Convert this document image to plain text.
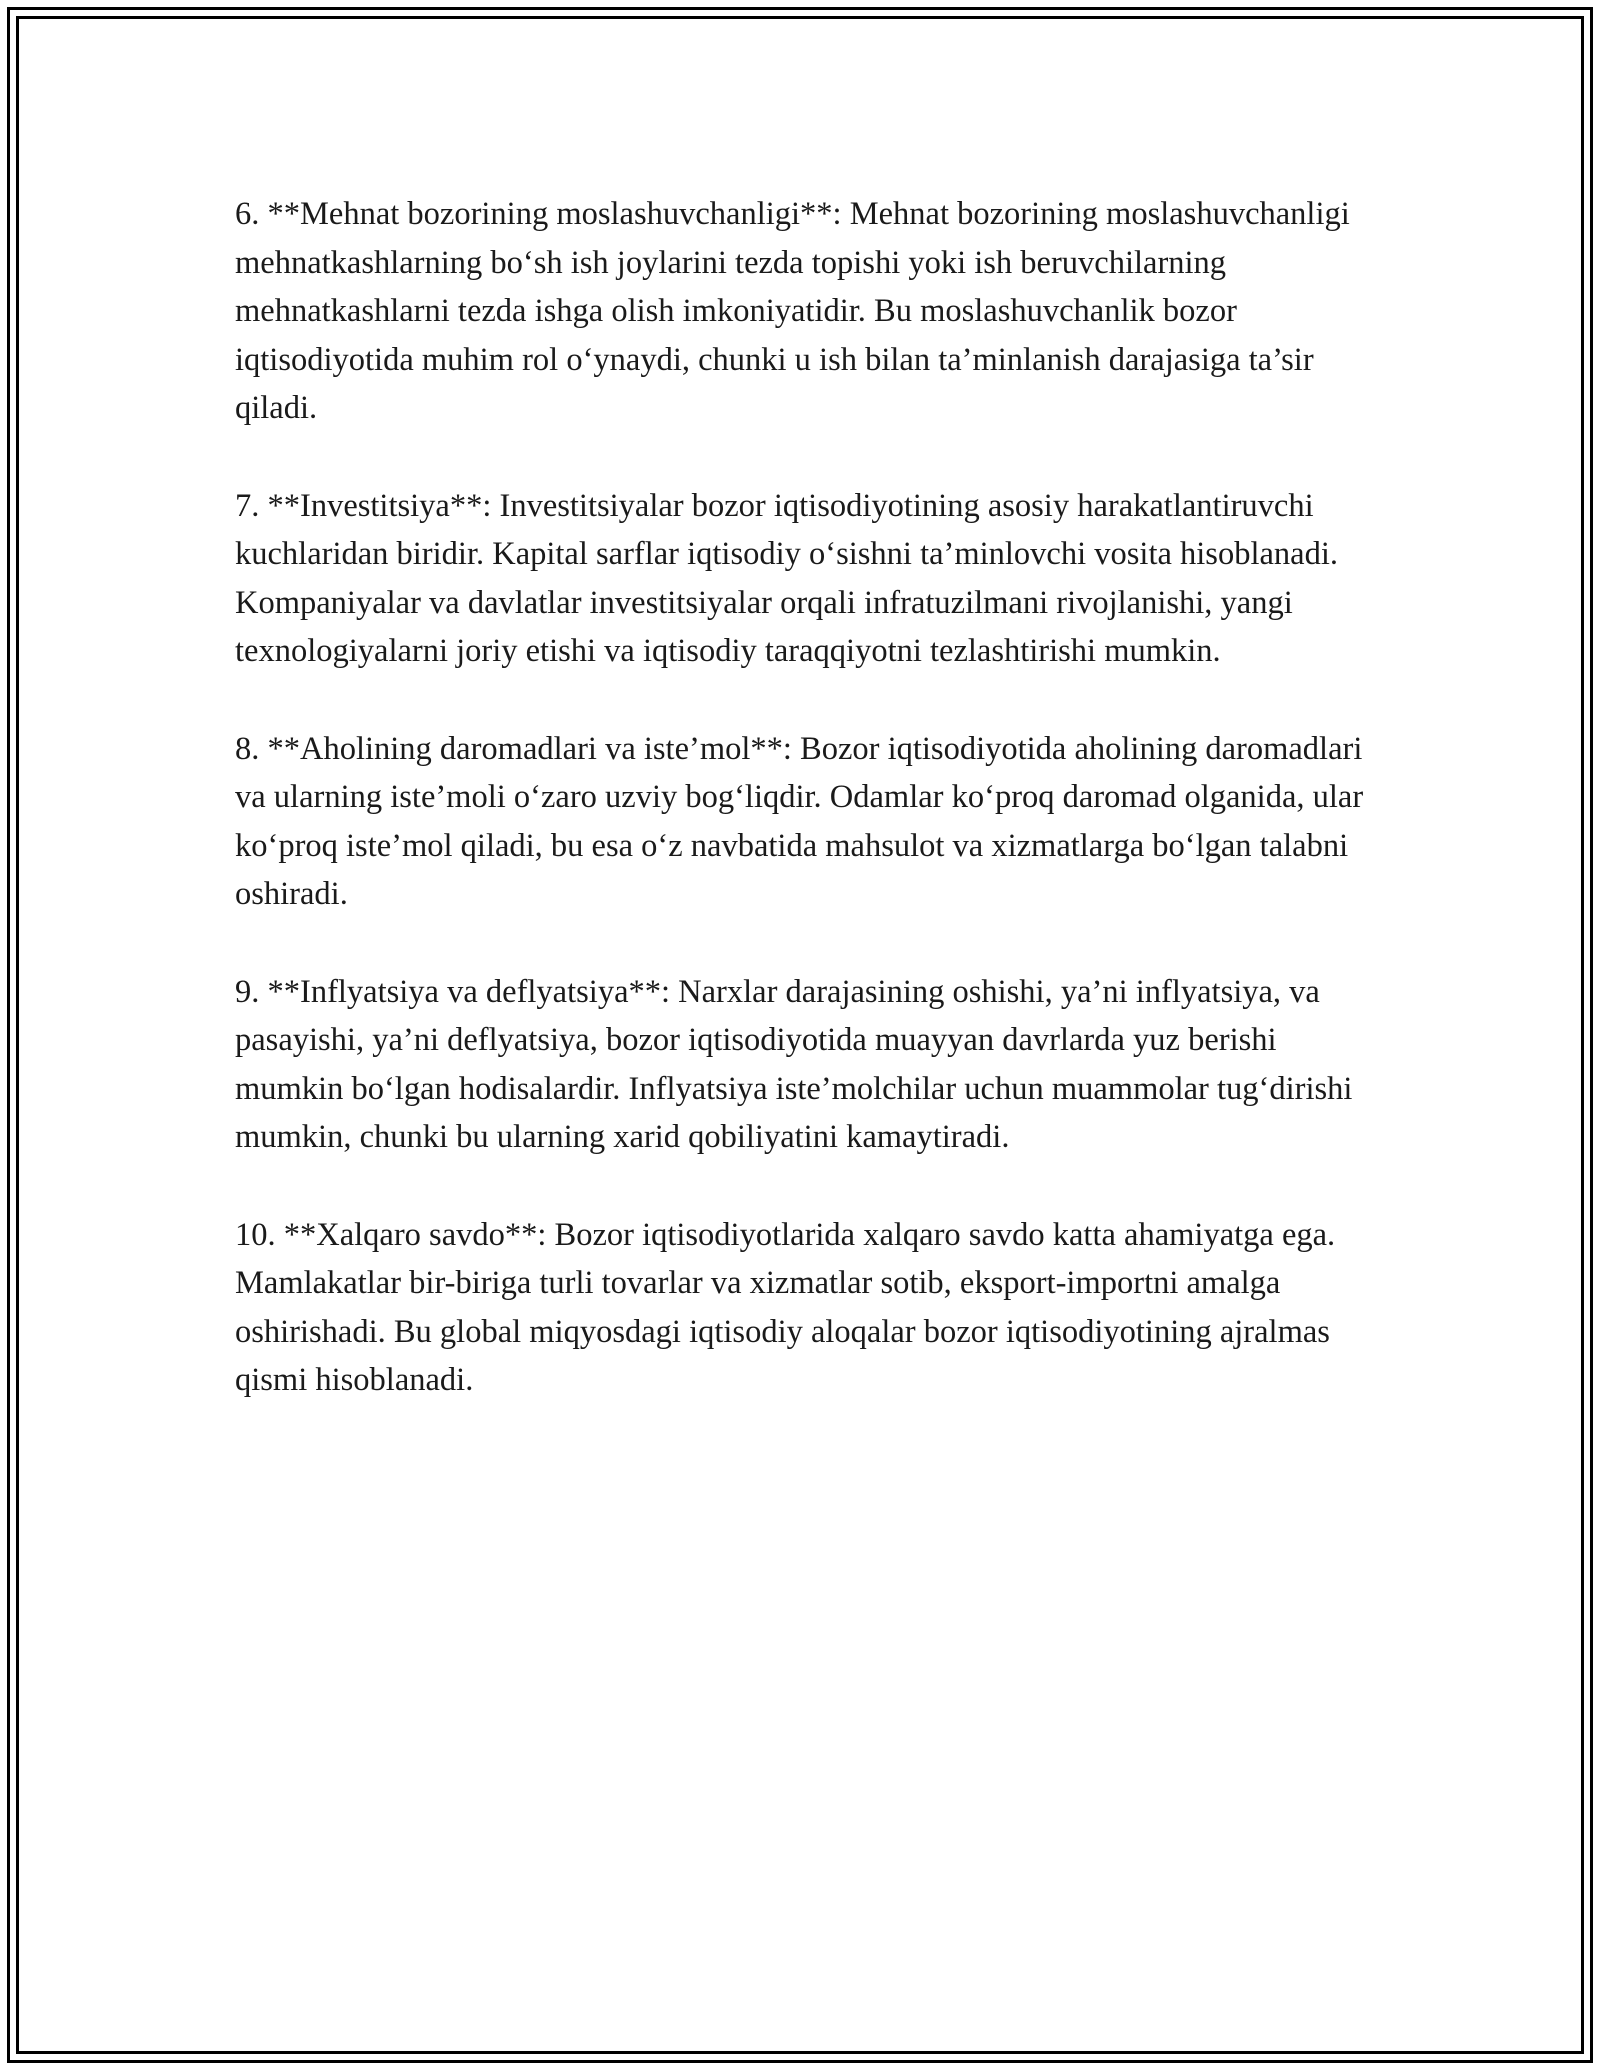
6. **Mehnat bozorining moslashuvchanligi**: Mehnat bozorining moslashuvchanligi mehnatkashlarning bo‘sh ish joylarini tezda topishi yoki ish beruvchilarning mehnatkashlarni tezda ishga olish imkoniyatidir. Bu moslashuvchanlik bozor iqtisodiyotida muhim rol o‘ynaydi, chunki u ish bilan ta’minlanish darajasiga ta’sir qiladi.

7. **Investitsiya**: Investitsiyalar bozor iqtisodiyotining asosiy harakatlantiruvchi kuchlaridan biridir. Kapital sarflar iqtisodiy o‘sishni ta’minlovchi vosita hisoblanadi. Kompaniyalar va davlatlar investitsiyalar orqali infratuzilmani rivojlanishi, yangi texnologiyalarni joriy etishi va iqtisodiy taraqqiyotni tezlashtirishi mumkin.

8. **Aholining daromadlari va iste’mol**: Bozor iqtisodiyotida aholining daromadlari va ularning iste’moli o‘zaro uzviy bog‘liqdir. Odamlar ko‘proq daromad olganida, ular ko‘proq iste’mol qiladi, bu esa o‘z navbatida mahsulot va xizmatlarga bo‘lgan talabni oshiradi.

9. **Inflyatsiya va deflyatsiya**: Narxlar darajasining oshishi, ya’ni inflyatsiya, va pasayishi, ya’ni deflyatsiya, bozor iqtisodiyotida muayyan davrlarda yuz berishi mumkin bo‘lgan hodisalardir. Inflyatsiya iste’molchilar uchun muammolar tug‘dirishi mumkin, chunki bu ularning xarid qobiliyatini kamaytiradi.

10. **Xalqaro savdo**: Bozor iqtisodiyotlarida xalqaro savdo katta ahamiyatga ega. Mamlakatlar bir-biriga turli tovarlar va xizmatlar sotib, eksport-importni amalga oshirishadi. Bu global miqyosdagi iqtisodiy aloqalar bozor iqtisodiyotining ajralmas qismi hisoblanadi.
